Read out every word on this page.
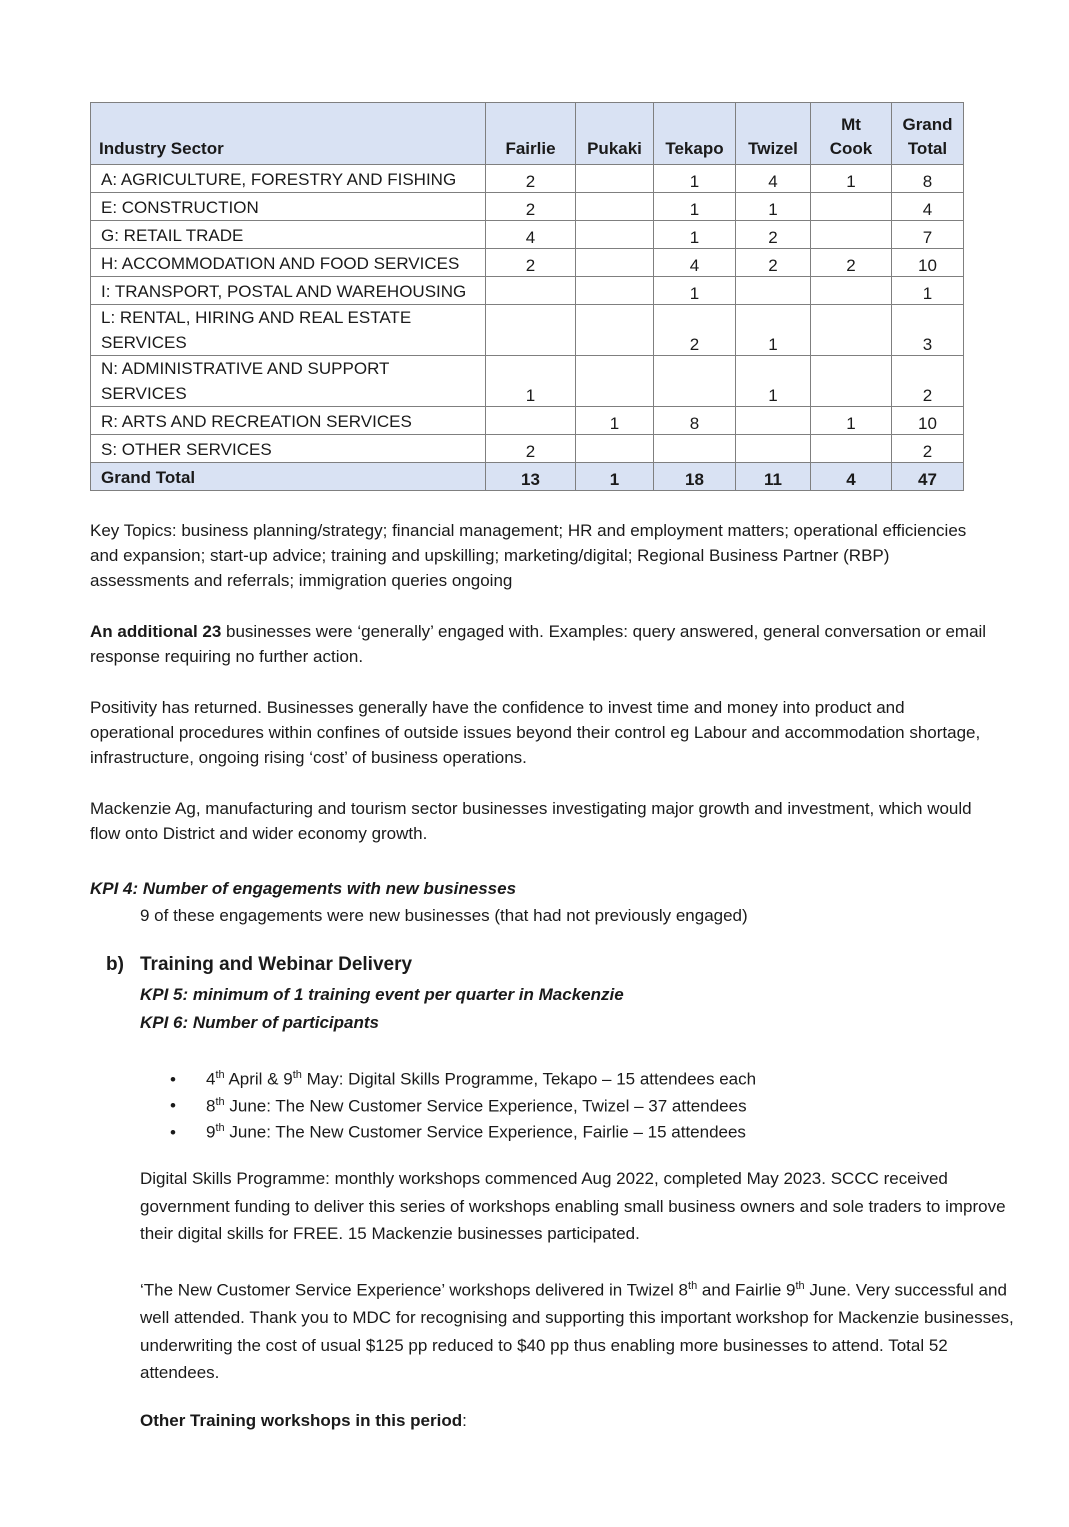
Industry Sector	Fairlie	Pukaki	Tekapo	Twizel	Mt Cook	Grand Total
A: AGRICULTURE, FORESTRY AND FISHING	2		1	4	1	8
E: CONSTRUCTION	2		1	1		4
G: RETAIL TRADE	4		1	2		7
H: ACCOMMODATION AND FOOD SERVICES	2		4	2	2	10
I: TRANSPORT, POSTAL AND WAREHOUSING			1			1
L: RENTAL, HIRING AND REAL ESTATE SERVICES			2	1		3
N: ADMINISTRATIVE AND SUPPORT SERVICES	1			1		2
R: ARTS AND RECREATION SERVICES		1	8		1	10
S: OTHER SERVICES	2					2
Grand Total	13	1	18	11	4	47

Key Topics: business planning/strategy; financial management; HR and employment matters; operational efficiencies and expansion; start-up advice; training and upskilling; marketing/digital; Regional Business Partner (RBP) assessments and referrals; immigration queries ongoing

An additional 23 businesses were ‘generally’ engaged with. Examples: query answered, general conversation or email response requiring no further action.

Positivity has returned. Businesses generally have the confidence to invest time and money into product and operational procedures within confines of outside issues beyond their control eg Labour and accommodation shortage, infrastructure, ongoing rising ‘cost’ of business operations.

Mackenzie Ag, manufacturing and tourism sector businesses investigating major growth and investment, which would flow onto District and wider economy growth.

KPI 4: Number of engagements with new businesses

9 of these engagements were new businesses (that had not previously engaged)

b) Training and Webinar Delivery

KPI 5: minimum of 1 training event per quarter in Mackenzie

KPI 6: Number of participants

• 4th April & 9th May: Digital Skills Programme, Tekapo – 15 attendees each
• 8th June: The New Customer Service Experience, Twizel – 37 attendees
• 9th June: The New Customer Service Experience, Fairlie – 15 attendees

Digital Skills Programme: monthly workshops commenced Aug 2022, completed May 2023. SCCC received government funding to deliver this series of workshops enabling small business owners and sole traders to improve their digital skills for FREE. 15 Mackenzie businesses participated.

‘The New Customer Service Experience’ workshops delivered in Twizel 8th and Fairlie 9th June. Very successful and well attended. Thank you to MDC for recognising and supporting this important workshop for Mackenzie businesses, underwriting the cost of usual $125 pp reduced to $40 pp thus enabling more businesses to attend. Total 52 attendees.

Other Training workshops in this period:
